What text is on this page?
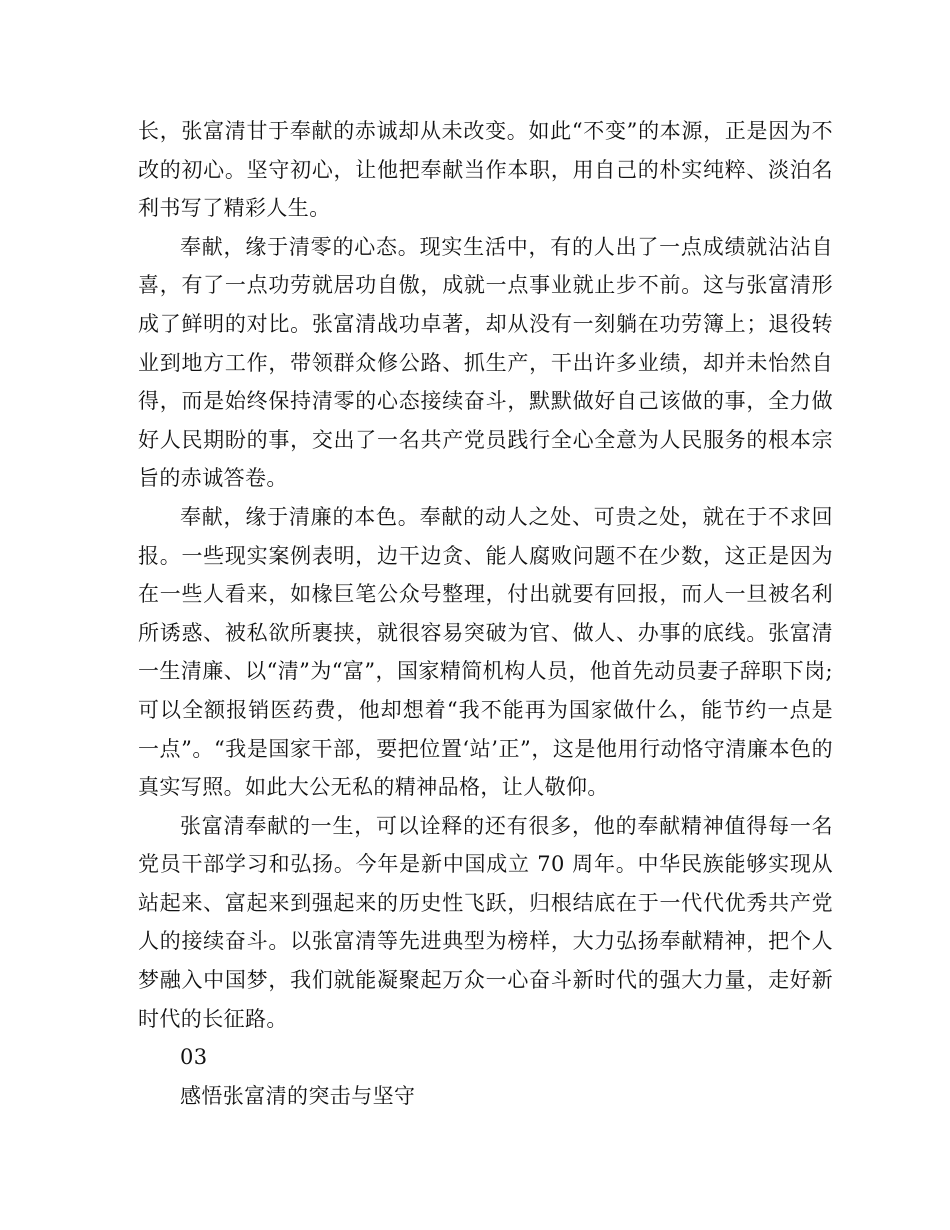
长，张富清甘于奉献的赤诚却从未改变。如此“不变”的本源，正是因为不改的初心。坚守初心，让他把奉献当作本职，用自己的朴实纯粹、淡泊名利书写了精彩人生。

奉献，缘于清零的心态。现实生活中，有的人出了一点成绩就沾沾自喜，有了一点功劳就居功自傲，成就一点事业就止步不前。这与张富清形成了鲜明的对比。张富清战功卓著，却从没有一刻躺在功劳簿上；退役转业到地方工作，带领群众修公路、抓生产，干出许多业绩，却并未怡然自得，而是始终保持清零的心态接续奋斗，默默做好自己该做的事，全力做好人民期盼的事，交出了一名共产党员践行全心全意为人民服务的根本宗旨的赤诚答卷。

奉献，缘于清廉的本色。奉献的动人之处、可贵之处，就在于不求回报。一些现实案例表明，边干边贪、能人腐败问题不在少数，这正是因为在一些人看来，如椽巨笔公众号整理，付出就要有回报，而人一旦被名利所诱惑、被私欲所裹挟，就很容易突破为官、做人、办事的底线。张富清一生清廉、以“清”为“富”，国家精简机构人员，他首先动员妻子辞职下岗;可以全额报销医药费，他却想着“我不能再为国家做什么，能节约一点是一点”。“我是国家干部，要把位置‘站’正”，这是他用行动恪守清廉本色的真实写照。如此大公无私的精神品格，让人敬仰。

张富清奉献的一生，可以诠释的还有很多，他的奉献精神值得每一名党员干部学习和弘扬。今年是新中国成立 70 周年。中华民族能够实现从站起来、富起来到强起来的历史性飞跃，归根结底在于一代代优秀共产党人的接续奋斗。以张富清等先进典型为榜样，大力弘扬奉献精神，把个人梦融入中国梦，我们就能凝聚起万众一心奋斗新时代的强大力量，走好新时代的长征路。

03

感悟张富清的突击与坚守
